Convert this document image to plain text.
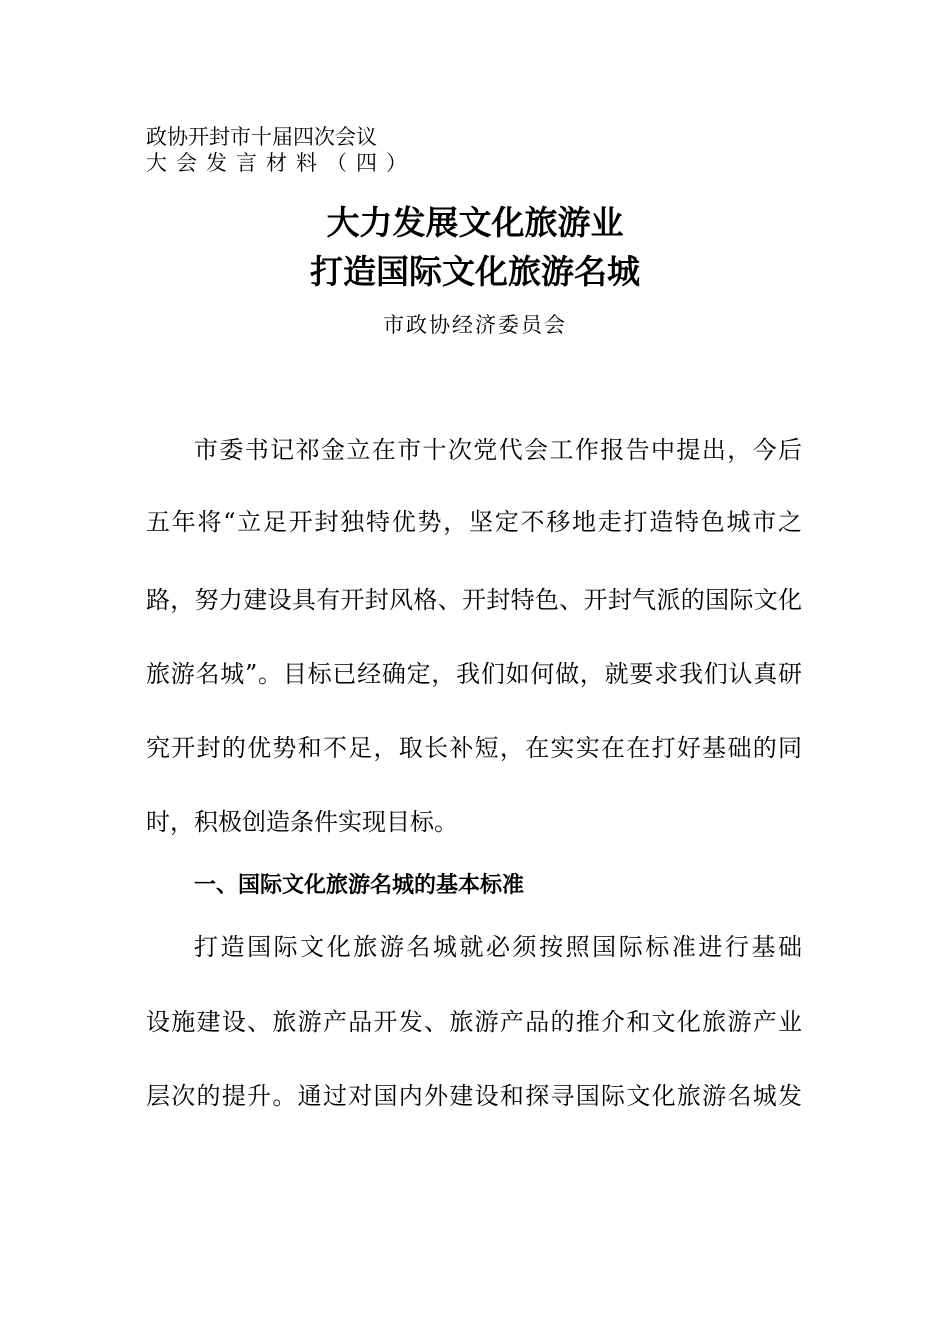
政协开封市十届四次会议
大会发言材料（四）
大力发展文化旅游业
打造国际文化旅游名城
市政协经济委员会
市委书记祁金立在市十次党代会工作报告中提出，今后
五年将“立足开封独特优势，坚定不移地走打造特色城市之
路，努力建设具有开封风格、开封特色、开封气派的国际文化
旅游名城”。目标已经确定，我们如何做，就要求我们认真研
究开封的优势和不足，取长补短，在实实在在打好基础的同
时，积极创造条件实现目标。
一、国际文化旅游名城的基本标准
打造国际文化旅游名城就必须按照国际标准进行基础
设施建设、旅游产品开发、旅游产品的推介和文化旅游产业
层次的提升。通过对国内外建设和探寻国际文化旅游名城发
